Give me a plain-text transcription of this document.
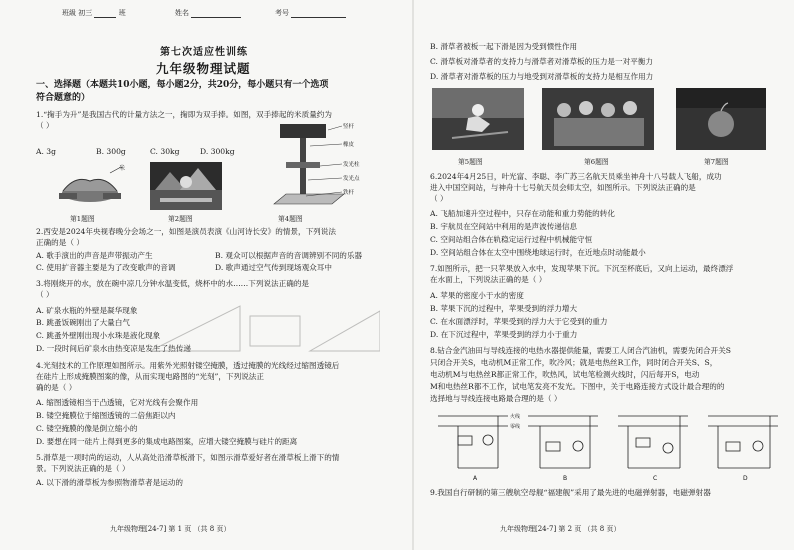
班級 初三	班	姓名	考号
第七次适应性训练
九年级物理试题
一、选择题（本题共10小题，每小题2分，共20分，每小题只有一个选项
符合题意的）
1.“掬手为升”是我国古代的计量方法之一，掬即为双手捧。如图，双手捧起的米质量约为
（ ）
A. 3g	B. 300g	C. 30kg	D. 300kg
米
竖杆
橡皮
发光柱
发光点
铁杆
第1题图	第2题图	第4题图
2.西安是2024年央视春晚分会场之一，如图是演员表演《山河诗长安》的情景，下列说法
正确的是（ ）
A. 歌手演出的声音是声带振动产生	B. 观众可以根据声音的音调辨别不同的乐器
C. 使用扩音器主要是为了改变歌声的音调	D. 歌声通过空气传到现场观众耳中
3.将刚烧开的水，放在碗中凉几分钟水温变低，烧杯中的水……下列说法正确的是
（ ）
A. 矿泉水瓶的外壁是凝华现象
B. 跳蚤饭碗刚出了大量白气
C. 跳蚤外壁刚出现小水珠是液化现象
D. 一段时间后矿泉水由热变凉是发生了热传递
4.光刻技术的工作原理如图所示。用紫外光照射镂空掩膜，透过掩膜的光线经过缩图透镜后
在硅片上形成掩膜图案的像，从而实现电路图的“光刻”，下列说法正
确的是（ ）
A. 缩图透镜相当于凸透镜，它对光线有会聚作用
B. 镂空掩膜位于缩图透镜的二倍焦距以内
C. 镂空掩膜的像是倒立缩小的
D. 要想在同一硅片上得到更多的集成电路图案，应增大镂空掩膜与硅片的距离
5.滑草是一项时尚的运动，人从高处沿滑草板滑下，如图示滑草爱好者在滑草板上滑下的情
景。下列说法正确的是（ ）
A. 以下滑的滑草板为参照物滑草者是运动的
九年级物理[24-7] 第 1 页 （共 8 页）
B. 滑草者被板一起下滑是因为受到惯性作用
C. 滑草板对滑草者的支持力与滑草者对滑草板的压力是一对平衡力
D. 滑草者对滑草板的压力与地受到对滑草板的支持力是相互作用力
第5题图	第6题图	第7题图
6.2024年4月25日，叶光富、李聪、李广苏三名航天员乘坐神舟十八号载人飞船，成功
进入中国空间站，与神舟十七号航天员会师太空，如图所示。下列说法正确的是
（ ）
A. 飞船加速升空过程中，只存在动能和重力势能的转化
B. 宇航员在空间站中利用的是声波传递信息
C. 空间站组合体在轨稳定运行过程中机械能守恒
D. 空间站组合体在太空中围绕地球运行时，在近地点时动能最小
7.如图所示，把一只苹果放入水中，发现苹果下沉。下沉至杯底后，又向上运动，最终漂浮
在水面上，下列说法正确的是（ ）
A. 苹果的密度小于水的密度
B. 苹果下沉的过程中，苹果受到的浮力增大
C. 在水面漂浮时，苹果受到的浮力大于它受到的重力
D. 在下沉过程中，苹果受到的浮力小于重力
8.钻合金汽油田与导线连接的电热水器提供能量，需要工人闭合汽油机，需要先闭合开关S
只闭合开关S，电动机M正常工作，吹冷风；就是电热丝R工作，同时闭合开关S、S，
电动机M与电热丝R都正常工作，吹热风，试电笔检测火线时，闪后每开S，电动
M和电热丝R都不工作，试电笔发亮不发光。下图中，关于电路连接方式设计最合理的的
选择地与导线连接电路最合理的是（ ）
火线
零线
A	B	C	D
9.我国自行研制的第三艘航空母舰“福建舰”采用了最先进的电磁弹射器，电磁弹射器
九年级物理[24-7] 第 2 页 （共 8 页）
